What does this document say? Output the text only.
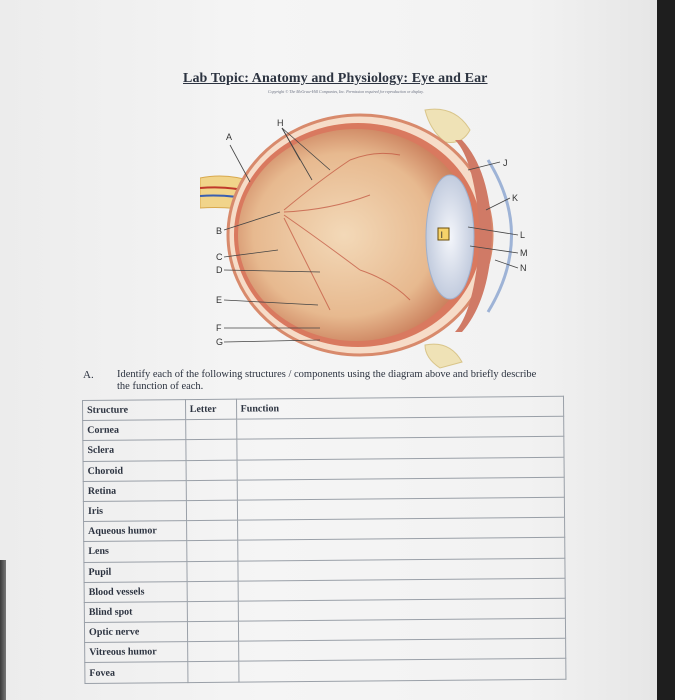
Lab Topic: Anatomy and Physiology: Eye and Ear
Copyright © The McGraw-Hill Companies, Inc. Permission required for reproduction or display.
I
A
B
C
D
E
F
G
H
J
K
L
M
N
A. Identify each of the following structures / components using the diagram above and briefly describe the function of each.
Structure	Letter	Function
Cornea		
Sclera		
Choroid		
Retina		
Iris		
Aqueous humor		
Lens		
Pupil		
Blood vessels		
Blind spot		
Optic nerve		
Vitreous humor		
Fovea		
